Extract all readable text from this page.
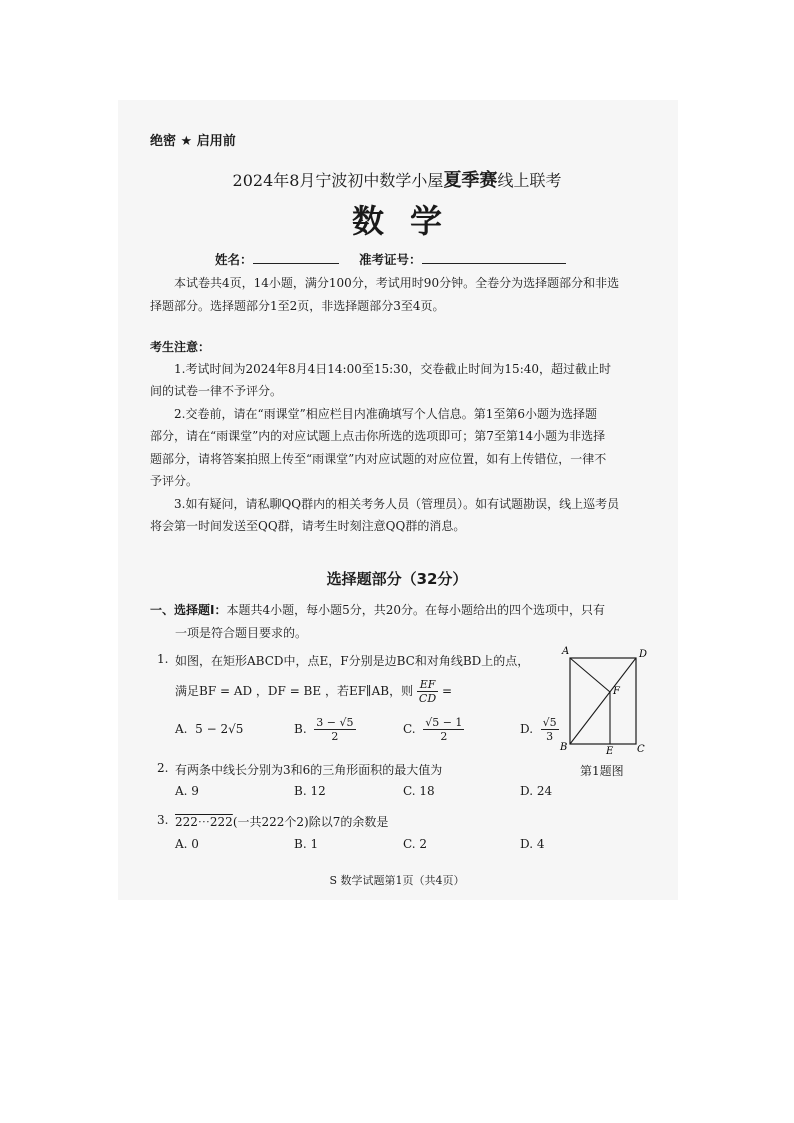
绝密 ★ 启用前
2024年8月宁波初中数学小屋夏季赛线上联考
数学
姓名：	准考证号：
本试卷共4页，14小题，满分100分，考试用时90分钟。全卷分为选择题部分和非选
择题部分。选择题部分1至2页，非选择题部分3至4页。
考生注意：
1.考试时间为2024年8月4日14:00至15:30，交卷截止时间为15:40，超过截止时
间的试卷一律不予评分。
2.交卷前，请在“雨课堂”相应栏目内准确填写个人信息。第1至第6小题为选择题
部分，请在“雨课堂”内的对应试题上点击你所选的选项即可；第7至第14小题为非选择
题部分，请将答案拍照上传至“雨课堂”内对应试题的对应位置，如有上传错位，一律不
予评分。
3.如有疑问，请私聊QQ群内的相关考务人员（管理员）。如有试题勘误，线上巡考员
将会第一时间发送至QQ群，请考生时刻注意QQ群的消息。
选择题部分（32分）
一、选择题Ⅰ：本题共4小题，每小题5分，共20分。在每小题给出的四个选项中，只有
一项是符合题目要求的。
1. 如图，在矩形ABCD中，点E，F分别是边BC和对角线BD上的点，
满足BF = AD ，DF = BE ，若EF∥AB，则 $\frac{EF}{CD}$ =
A. 5 − 2√5	B. $\frac{3 - √5}{2}$	C. $\frac{√5 - 1}{2}$	D. $\frac{√5}{3}$
A	D
B	C
E
F
第1题图
2. 有两条中线长分别为3和6的三角形面积的最大值为
A. 9	B. 12	C. 18	D. 24
3. 222⋯222(一共222个2)除以7的余数是
A. 0	B. 1	C. 2	D. 4
S 数学试题第1页（共4页）
